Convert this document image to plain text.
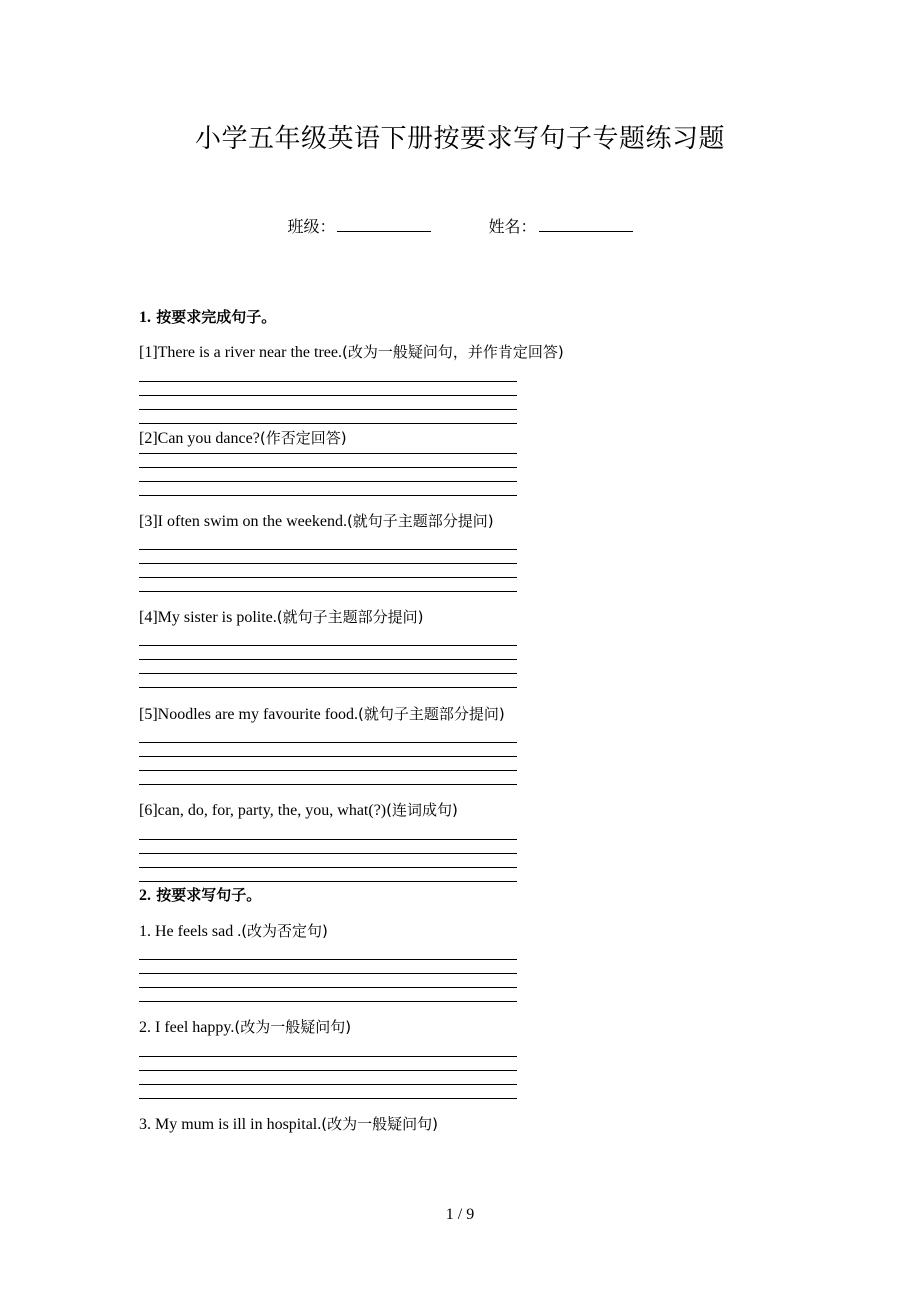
小学五年级英语下册按要求写句子专题练习题
班级：	姓名：
1. 按要求完成句子。
[1]There is a river near the tree.(改为一般疑问句，并作肯定回答)
[2]Can you dance?(作否定回答)
[3]I often swim on the weekend.(就句子主题部分提问)
[4]My sister is polite.(就句子主题部分提问)
[5]Noodles are my favourite food.(就句子主题部分提问)
[6]can, do, for, party, the, you, what(?)(连词成句)
2. 按要求写句子。
1. He feels sad .(改为否定句)
2. I feel happy.(改为一般疑问句)
3. My mum is ill in hospital.(改为一般疑问句)
1 / 9
